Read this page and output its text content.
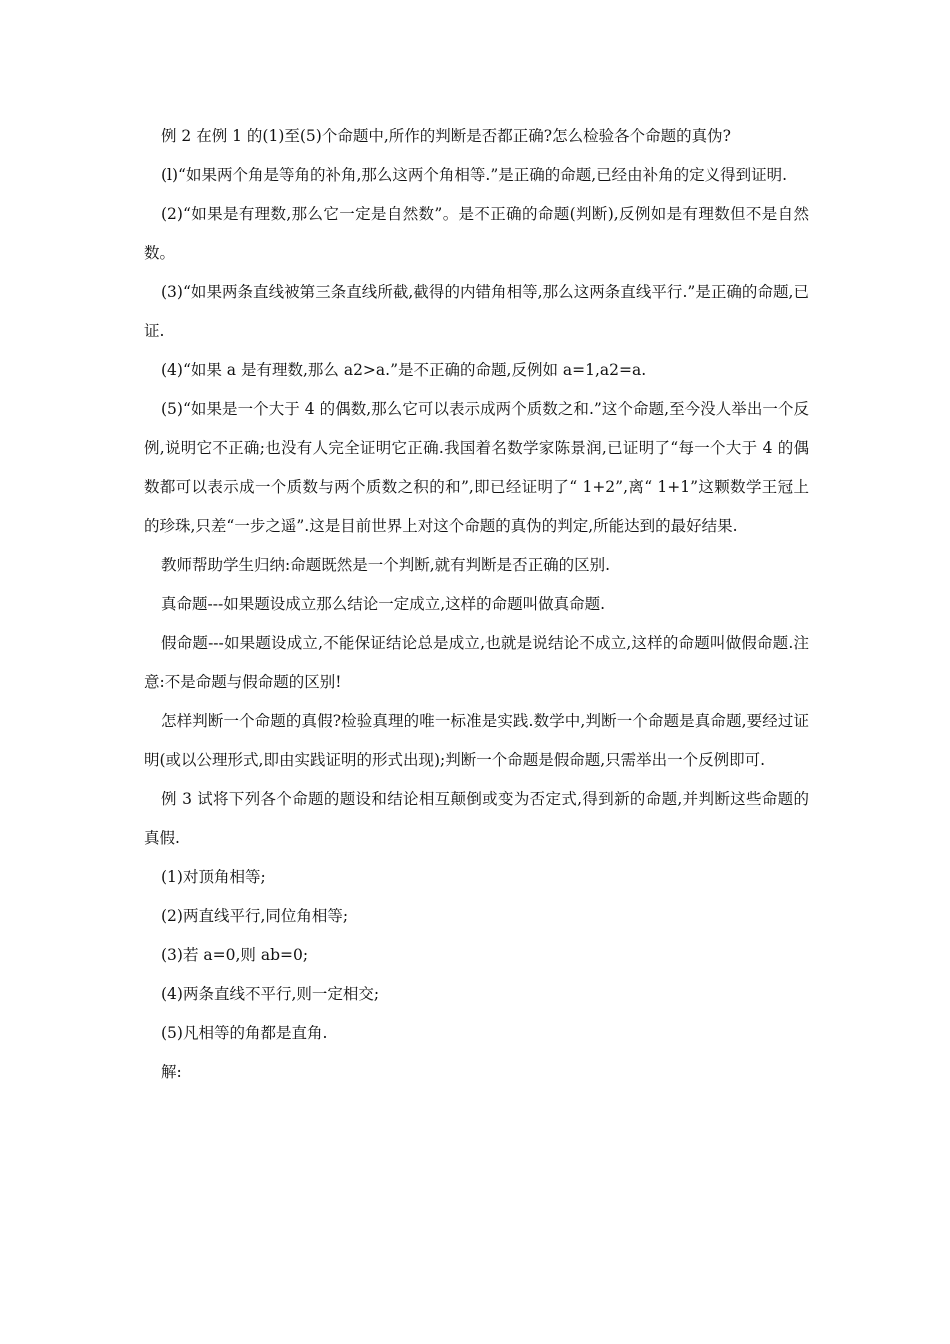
例 2 在例 1 的(1)至(5)个命题中,所作的判断是否都正确?怎么检验各个命题的真伪?

(l)“如果两个角是等角的补角,那么这两个角相等.”是正确的命题,已经由补角的定义得到证明.

(2)“如果是有理数,那么它一定是自然数”。是不正确的命题(判断),反例如是有理数但不是自然数。

(3)“如果两条直线被第三条直线所截,截得的内错角相等,那么这两条直线平行.”是正确的命题,已证.

(4)“如果 a 是有理数,那么 a2>a.”是不正确的命题,反例如 a=1,a2=a.

(5)“如果是一个大于 4 的偶数,那么它可以表示成两个质数之和.”这个命题,至今没人举出一个反例,说明它不正确;也没有人完全证明它正确.我国着名数学家陈景润,已证明了“每一个大于 4 的偶数都可以表示成一个质数与两个质数之积的和”,即已经证明了“ 1+2”,离“ 1+1”这颗数学王冠上的珍珠,只差“一步之遥”.这是目前世界上对这个命题的真伪的判定,所能达到的最好结果.

教师帮助学生归纳:命题既然是一个判断,就有判断是否正确的区别.

真命题---如果题设成立那么结论一定成立,这样的命题叫做真命题.

假命题---如果题设成立,不能保证结论总是成立,也就是说结论不成立,这样的命题叫做假命题.注意:不是命题与假命题的区别!

怎样判断一个命题的真假?检验真理的唯一标准是实践.数学中,判断一个命题是真命题,要经过证明(或以公理形式,即由实践证明的形式出现);判断一个命题是假命题,只需举出一个反例即可.

例 3 试将下列各个命题的题设和结论相互颠倒或变为否定式,得到新的命题,并判断这些命题的真假.

(1)对顶角相等;

(2)两直线平行,同位角相等;

(3)若 a=0,则 ab=0;

(4)两条直线不平行,则一定相交;

(5)凡相等的角都是直角.

解:
